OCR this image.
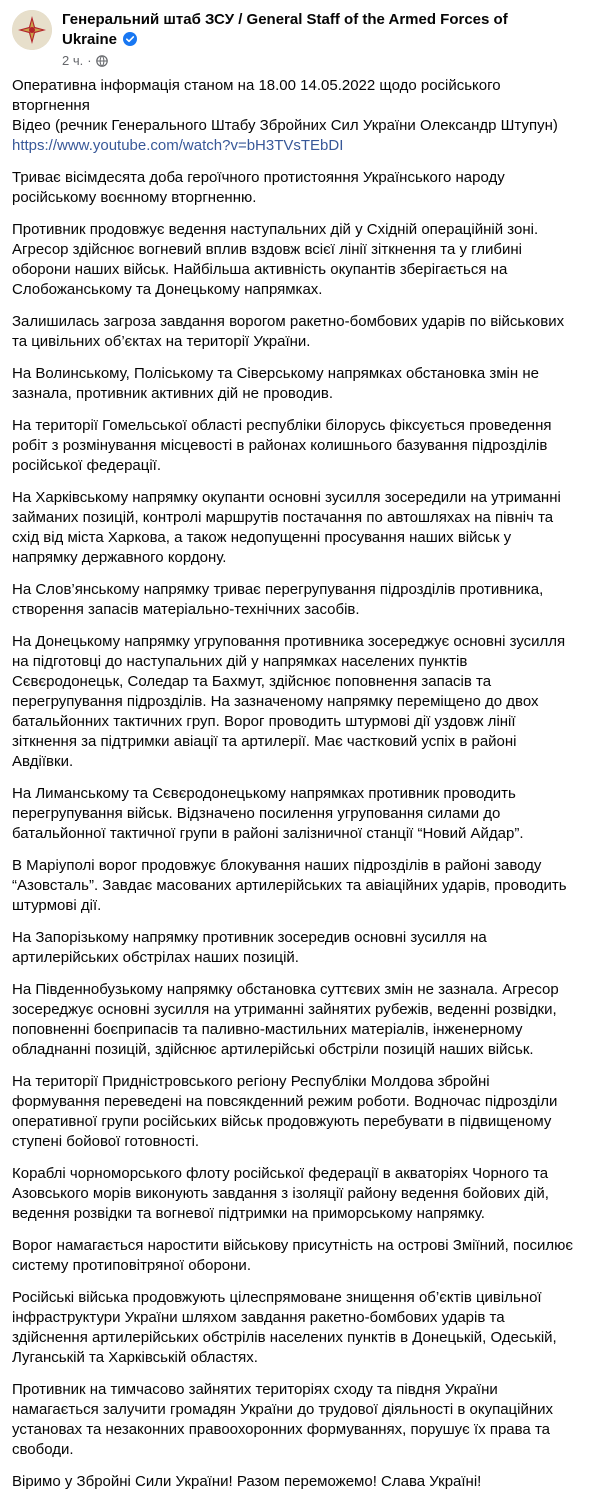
Генеральний штаб ЗСУ / General Staff of the Armed Forces of Ukraine
2 ч. ·

Оперативна інформація станом на 18.00 14.05.2022 щодо російського вторгнення
Відео (речник Генерального Штабу Збройних Сил України Олександр Штупун)
https://www.youtube.com/watch?v=bH3TVsTEbDI

Триває вісімдесята доба героїчного протистояння Українського народу російському воєнному вторгненню.

Противник продовжує ведення наступальних дій у Східній операційній зоні. Агресор здійснює вогневий вплив вздовж всієї лінії зіткнення та у глибині оборони наших військ. Найбільша активність окупантів зберігається на Слобожанському та Донецькому напрямках.

Залишилась загроза завдання ворогом ракетно-бомбових ударів по військових та цивільних об’єктах на території України.

На Волинському, Поліському та Сіверському напрямках обстановка змін не зазнала, противник активних дій не проводив.

На території Гомельської області республіки білорусь фіксується проведення робіт з розмінування місцевості в районах колишнього базування підрозділів російської федерації.

На Харківському напрямку окупанти основні зусилля зосередили на утриманні займаних позицій, контролі маршрутів постачання по автошляхах на північ та схід від міста Харкова, а також недопущенні просування наших військ у напрямку державного кордону.

На Слов’янському напрямку триває перегрупування підрозділів противника, створення запасів матеріально-технічних засобів.

На Донецькому напрямку угруповання противника зосереджує основні зусилля на підготовці до наступальних дій у напрямках населених пунктів Сєвєродонецьк, Соледар та Бахмут, здійснює поповнення запасів та перегрупування підрозділів. На зазначеному напрямку переміщено до двох батальйонних тактичних груп. Ворог проводить штурмові дії уздовж лінії зіткнення за підтримки авіації та артилерії. Має частковий успіх в районі Авдіївки.

На Лиманському та Сєвєродонецькому напрямках противник проводить перегрупування військ. Відзначено посилення угруповання силами до батальйонної тактичної групи в районі залізничної станції “Новий Айдар”.

В Маріуполі ворог продовжує блокування наших підрозділів в районі заводу “Азовсталь”. Завдає масованих артилерійських та авіаційних ударів, проводить штурмові дії.

На Запорізькому напрямку противник зосередив основні зусилля на артилерійських обстрілах наших позицій.

На Південнобузькому напрямку обстановка суттєвих змін не зазнала. Агресор зосереджує основні зусилля на утриманні зайнятих рубежів, веденні розвідки, поповненні боєприпасів та паливно-мастильних матеріалів, інженерному обладнанні позицій, здійснює артилерійські обстріли позицій наших військ.

На території Придністровського регіону Республіки Молдова збройні формування переведені на повсякденний режим роботи. Водночас підрозділи оперативної групи російських військ продовжують перебувати в підвищеному ступені бойової готовності.

Кораблі чорноморського флоту російської федерації в акваторіях Чорного та Азовського морів виконують завдання з ізоляції району ведення бойових дій, ведення розвідки та вогневої підтримки на приморському напрямку.

Ворог намагається наростити військову присутність на острові Зміїний, посилює систему протиповітряної оборони.

Російські війська продовжують цілеспрямоване знищення об’єктів цивільної інфраструктури України шляхом завдання ракетно-бомбових ударів та здійснення артилерійських обстрілів населених пунктів в Донецькій, Одеській, Луганській та Харківській областях.

Противник на тимчасово зайнятих територіях сходу та півдня України намагається залучити громадян України до трудової діяльності в окупаційних установах та незаконних правоохоронних формуваннях, порушує їх права та свободи.

Віримо у Збройні Сили України! Разом переможемо! Слава Україні!
